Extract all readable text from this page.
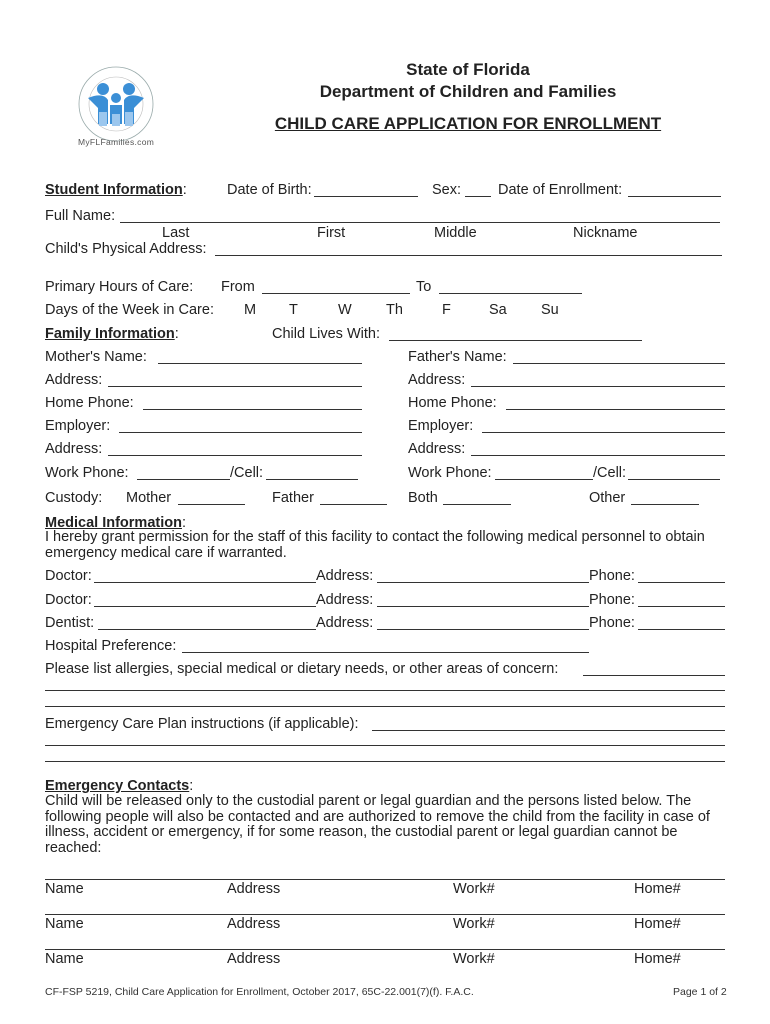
MyFLFamilies.com
State of Florida
Department of Children and Families
CHILD CARE APPLICATION FOR ENROLLMENT
Student Information:	Date of Birth:	Sex:	Date of Enrollment:
Full Name:
Last	First	Middle	Nickname
Child's Physical Address:
Primary Hours of Care: From	To
Days of the Week in Care: M T	W Th	F	Sa Su
Family Information:	Child Lives With:
Mother's Name:
Address:
Home Phone:
Employer:
Address:
Work Phone:	/Cell:
Father's Name:
Address:
Home Phone:
Employer:
Address:
Work Phone:	/Cell:
Custody: Mother	Father	Both	Other
Medical Information:
I hereby grant permission for the staff of this facility to contact the following medical personnel to obtain emergency medical care if warranted.
Doctor:	Address:	Phone:
Doctor:	Address:	Phone:
Dentist:	Address:	Phone:
Hospital Preference:
Please list allergies, special medical or dietary needs, or other areas of concern:
Emergency Care Plan instructions (if applicable):
Emergency Contacts:
Child will be released only to the custodial parent or legal guardian and the persons listed below. The following people will also be contacted and are authorized to remove the child from the facility in case of illness, accident or emergency, if for some reason, the custodial parent or legal guardian cannot be reached:
Name	Address	Work#	Home#
Name	Address	Work#	Home#
Name	Address	Work#	Home#
CF-FSP 5219, Child Care Application for Enrollment, October 2017, 65C-22.001(7)(f). F.A.C.	Page 1 of 2
